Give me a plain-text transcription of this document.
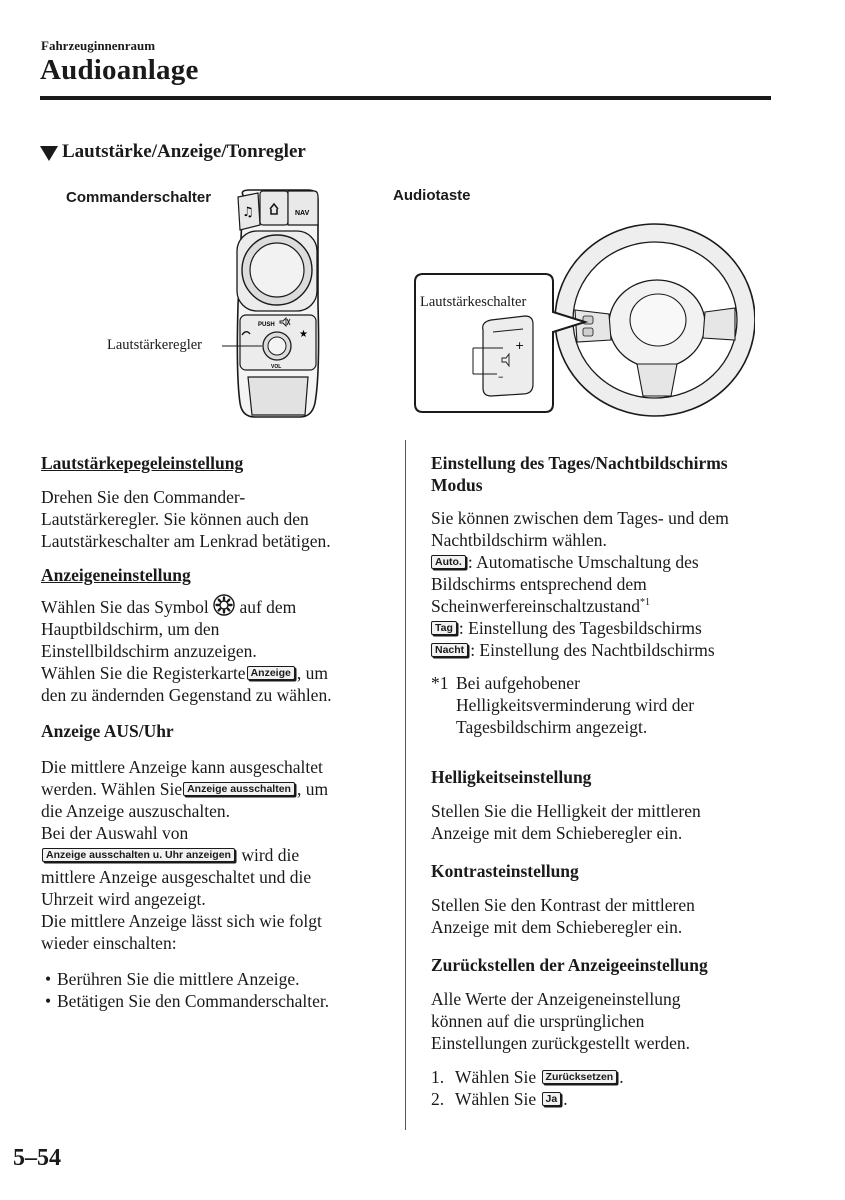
Fahrzeuginnenraum
Audioanlage
Lautstärke/Anzeige/Tonregler
Commanderschalter	Audiotaste
♫	NAV
PUSH
★
VOL
Lautstärkeregler	+
–
Lautstärkeschalter

Lautstärkepegeleinstellung

Drehen Sie den Commander-
Lautstärkeregler. Sie können auch den
Lautstärkeschalter am Lenkrad betätigen.

Anzeigeneinstellung

Wählen Sie das Symbol auf dem
Hauptbildschirm, um den
Einstellbildschirm anzuzeigen.
Wählen Sie die Registerkarte Anzeige , um
den zu ändernden Gegenstand zu wählen.

Anzeige AUS/Uhr

Die mittlere Anzeige kann ausgeschaltet
werden. Wählen Sie Anzeige ausschalten , um
die Anzeige auszuschalten.
Bei der Auswahl von
Anzeige ausschalten u. Uhr anzeigen wird die
mittlere Anzeige ausgeschaltet und die
Uhrzeit wird angezeigt.
Die mittlere Anzeige lässt sich wie folgt
wieder einschalten:

• Berühren Sie die mittlere Anzeige.
• Betätigen Sie den Commanderschalter.

Einstellung des Tages/Nachtbildschirms
Modus

Sie können zwischen dem Tages- und dem
Nachtbildschirm wählen.
Auto. : Automatische Umschaltung des
Bildschirms entsprechend dem
Scheinwerfereinschaltzustand$^{*1}$
Tag : Einstellung des Tagesbildschirms
Nacht : Einstellung des Nachtbildschirms

*1 Bei aufgehobener
Helligkeitsverminderung wird der
Tagesbildschirm angezeigt.

Helligkeitseinstellung

Stellen Sie die Helligkeit der mittleren
Anzeige mit dem Schieberegler ein.

Kontrasteinstellung

Stellen Sie den Kontrast der mittleren
Anzeige mit dem Schieberegler ein.

Zurückstellen der Anzeigeeinstellung

Alle Werte der Anzeigeneinstellung
können auf die ursprünglichen
Einstellungen zurückgestellt werden.

1. Wählen Sie Zurücksetzen .
2. Wählen Sie Ja .
5–54
